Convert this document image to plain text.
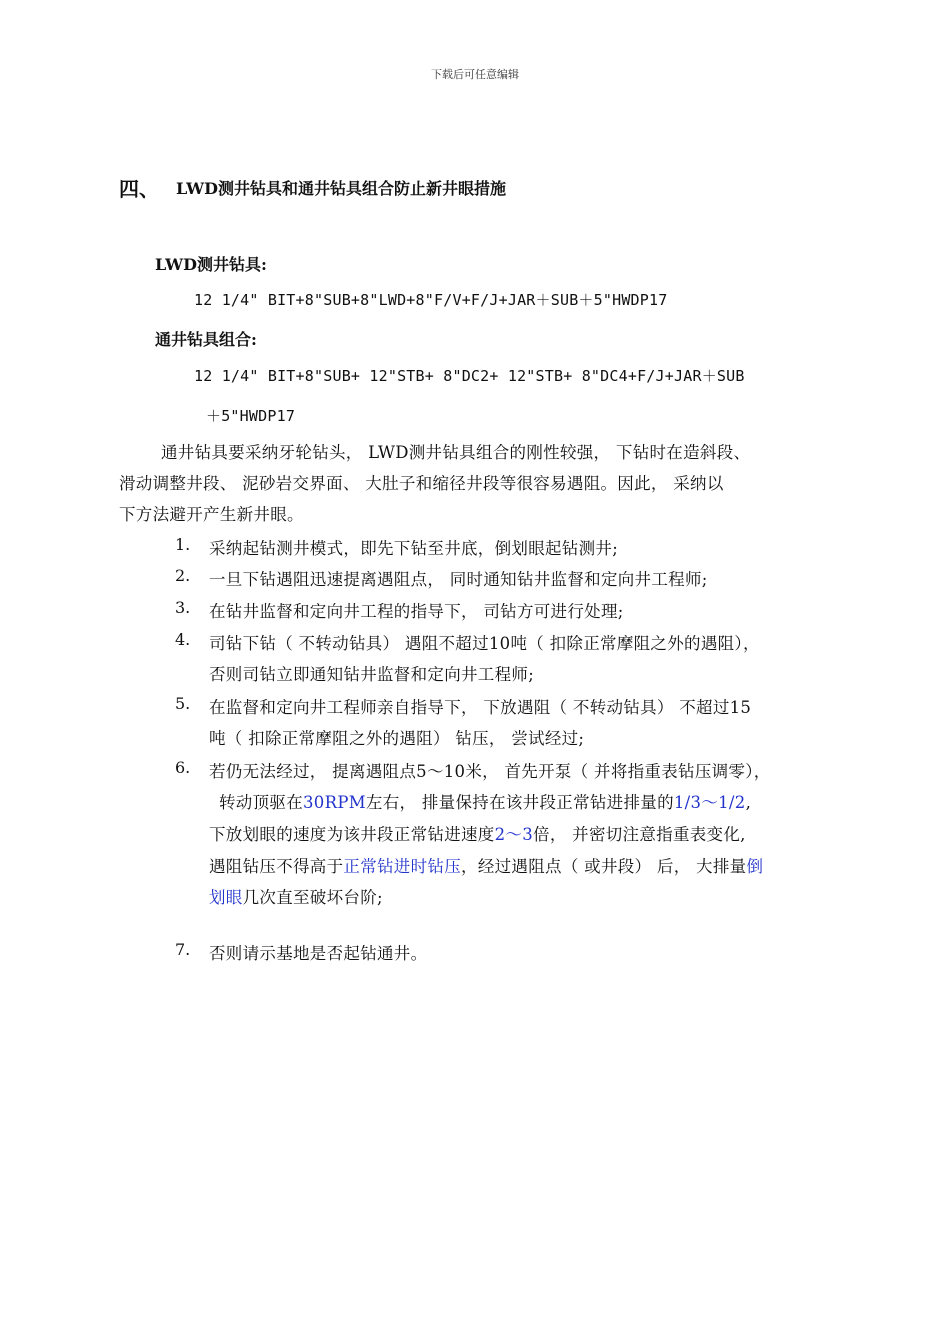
下载后可任意编辑
四、 LWD测井钻具和通井钻具组合防止新井眼措施
LWD测井钻具:
12 1/4" BIT+8"SUB+8"LWD+8"F/V+F/J+JAR＋SUB＋5"HWDP17
通井钻具组合:
12 1/4" BIT+8"SUB+ 12"STB+ 8"DC2+ 12"STB+ 8"DC4+F/J+JAR＋SUB
＋5"HWDP17
通井钻具要采纳牙轮钻头， LWD测井钻具组合的刚性较强， 下钻时在造斜段、
滑动调整井段、 泥砂岩交界面、 大肚子和缩径井段等很容易遇阻。因此， 采纳以
下方法避开产生新井眼。
1. 采纳起钻测井模式，即先下钻至井底，倒划眼起钻测井;
2. 一旦下钻遇阻迅速提离遇阻点， 同时通知钻井监督和定向井工程师;
3. 在钻井监督和定向井工程的指导下， 司钻方可进行处理;
4. 司钻下钻（ 不转动钻具） 遇阻不超过10吨（ 扣除正常摩阻之外的遇阻），
否则司钻立即通知钻井监督和定向井工程师;
5. 在监督和定向井工程师亲自指导下， 下放遇阻（ 不转动钻具） 不超过15
吨（ 扣除正常摩阻之外的遇阻） 钻压， 尝试经过;
6. 若仍无法经过， 提离遇阻点5～10米， 首先开泵（ 并将指重表钻压调零），
转动顶驱在30RPM左右， 排量保持在该井段正常钻进排量的1/3～1/2,
下放划眼的速度为该井段正常钻进速度2～3倍， 并密切注意指重表变化,
遇阻钻压不得高于正常钻进时钻压，经过遇阻点（ 或井段） 后， 大排量倒
划眼几次直至破坏台阶;
7. 否则请示基地是否起钻通井。
